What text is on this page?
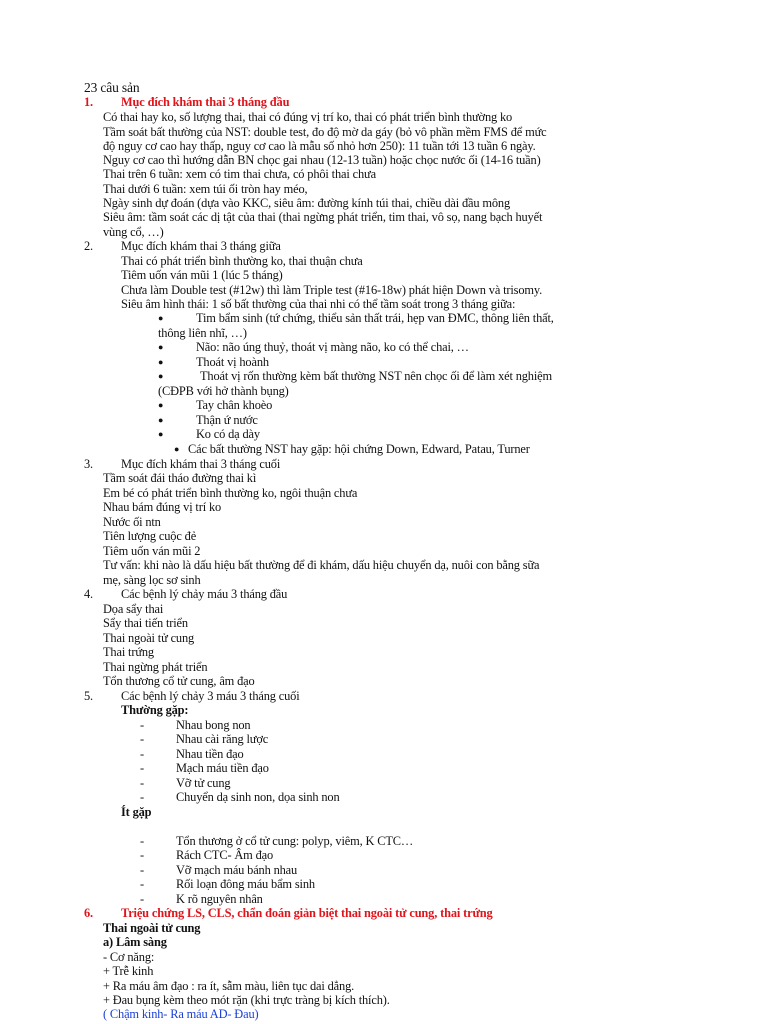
23 câu sản
1. Mục đích khám thai 3 tháng đầu
Có thai hay ko, số lượng thai, thai có đúng vị trí ko, thai có phát triển bình thường ko
Tầm soát bất thường của NST: double test, đo độ mờ da gáy (bỏ vô phần mềm FMS để mức
độ nguy cơ cao hay thấp, nguy cơ cao là mẫu số nhỏ hơn 250): 11 tuần tới 13 tuần 6 ngày.
Nguy cơ cao thì hướng dẫn BN chọc gai nhau (12-13 tuần) hoặc chọc nước ối (14-16 tuần)
Thai trên 6 tuần: xem có tim thai chưa, có phôi thai chưa
Thai dưới 6 tuần: xem túi ối tròn hay méo,
Ngày sinh dự đoán (dựa vào KKC, siêu âm: đường kính túi thai, chiều dài đầu mông
Siêu âm: tầm soát các dị tật của thai (thai ngừng phát triển, tim thai, vô sọ, nang bạch huyết
vùng cổ, …)
2. Mục đích khám thai 3 tháng giữa
Thai có phát triển bình thường ko, thai thuận chưa
Tiêm uốn ván mũi 1 (lúc 5 tháng)
Chưa làm Double test (#12w) thì làm Triple test (#16-18w) phát hiện Down và trisomy.
Siêu âm hình thái: 1 số bất thường của thai nhi có thể tầm soát trong 3 tháng giữa:
●	Tim bẩm sinh (tứ chứng, thiểu sản thất trái, hẹp van ĐMC, thông liên thất,
thông liên nhĩ, …)
●	Não: não úng thuỷ, thoát vị màng não, ko có thể chai, …
●	Thoát vị hoành
●	Thoát vị rốn thường kèm bất thường NST nên chọc ối để làm xét nghiệm
(CĐPB với hở thành bụng)
●	Tay chân khoèo
●	Thận ứ nước
●	Ko có dạ dày
● Các bất thường NST hay gặp: hội chứng Down, Edward, Patau, Turner
3. Mục đích khám thai 3 tháng cuối
Tầm soát đái tháo đường thai kì
Em bé có phát triển bình thường ko, ngôi thuận chưa
Nhau bám đúng vị trí ko
Nước ối ntn
Tiên lượng cuộc đẻ
Tiêm uốn ván mũi 2
Tư vấn: khi nào là dấu hiệu bất thường để đi khám, dấu hiệu chuyển dạ, nuôi con bằng sữa
mẹ, sàng lọc sơ sinh
4. Các bệnh lý chảy máu 3 tháng đầu
Dọa sẩy thai
Sẩy thai tiến triển
Thai ngoài tử cung
Thai trứng
Thai ngừng phát triển
Tổn thương cổ tử cung, âm đạo
5. Các bệnh lý chảy 3 máu 3 tháng cuối
Thường gặp:
-	Nhau bong non
-	Nhau cài răng lược
-	Nhau tiền đạo
-	Mạch máu tiền đạo
-	Vỡ tử cung
-	Chuyển dạ sinh non, dọa sinh non
Ít gặp
-	Tổn thương ở cổ tử cung: polyp, viêm, K CTC…
-	Rách CTC- Âm đạo
-	Vỡ mạch máu bánh nhau
-	Rối loạn đông máu bẩm sinh
-	K rõ nguyên nhân
6. Triệu chứng LS, CLS, chẩn đoán giản biệt thai ngoài tử cung, thai trứng
Thai ngoài tử cung
a) Lâm sàng
- Cơ năng:
+ Trễ kinh
+ Ra máu âm đạo : ra ít, sẫm màu, liên tục dai dẳng.
+ Đau bụng kèm theo mót rặn (khi trực tràng bị kích thích).
( Chậm kinh- Ra máu AD- Đau)
